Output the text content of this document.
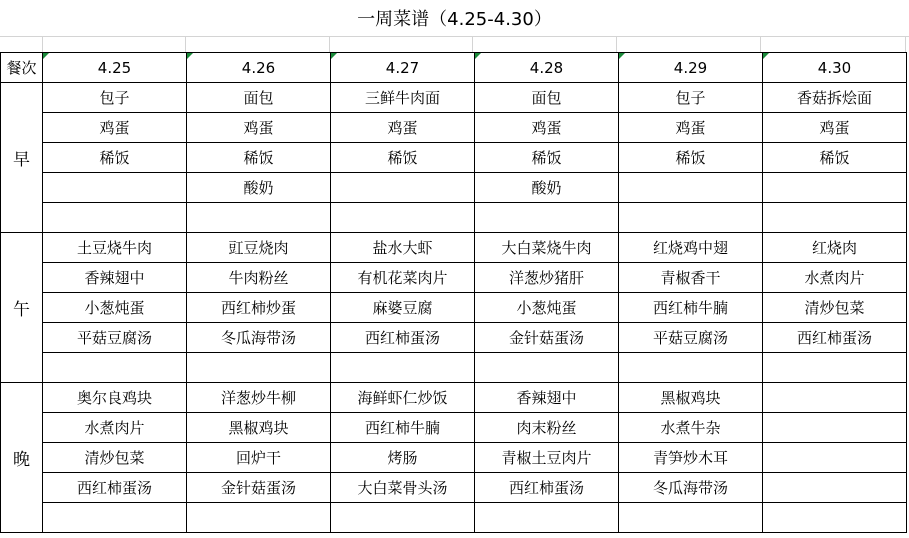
一周菜谱（4.25-4.30）
餐次	4.25	4.26	4.27	4.28	4.29	4.30
早	包子	面包	三鲜牛肉面	面包	包子	香菇拆烩面
	鸡蛋	鸡蛋	鸡蛋	鸡蛋	鸡蛋	鸡蛋
	稀饭	稀饭	稀饭	稀饭	稀饭	稀饭
		酸奶		酸奶		

午	土豆烧牛肉	豇豆烧肉	盐水大虾	大白菜烧牛肉	红烧鸡中翅	红烧肉
	香辣翅中	牛肉粉丝	有机花菜肉片	洋葱炒猪肝	青椒香干	水煮肉片
	小葱炖蛋	西红柿炒蛋	麻婆豆腐	小葱炖蛋	西红柿牛腩	清炒包菜
	平菇豆腐汤	冬瓜海带汤	西红柿蛋汤	金针菇蛋汤	平菇豆腐汤	西红柿蛋汤

晚	奥尔良鸡块	洋葱炒牛柳	海鲜虾仁炒饭	香辣翅中	黑椒鸡块	
	水煮肉片	黑椒鸡块	西红柿牛腩	肉末粉丝	水煮牛杂	
	清炒包菜	回炉干	烤肠	青椒土豆肉片	青笋炒木耳	
	西红柿蛋汤	金针菇蛋汤	大白菜骨头汤	西红柿蛋汤	冬瓜海带汤	
